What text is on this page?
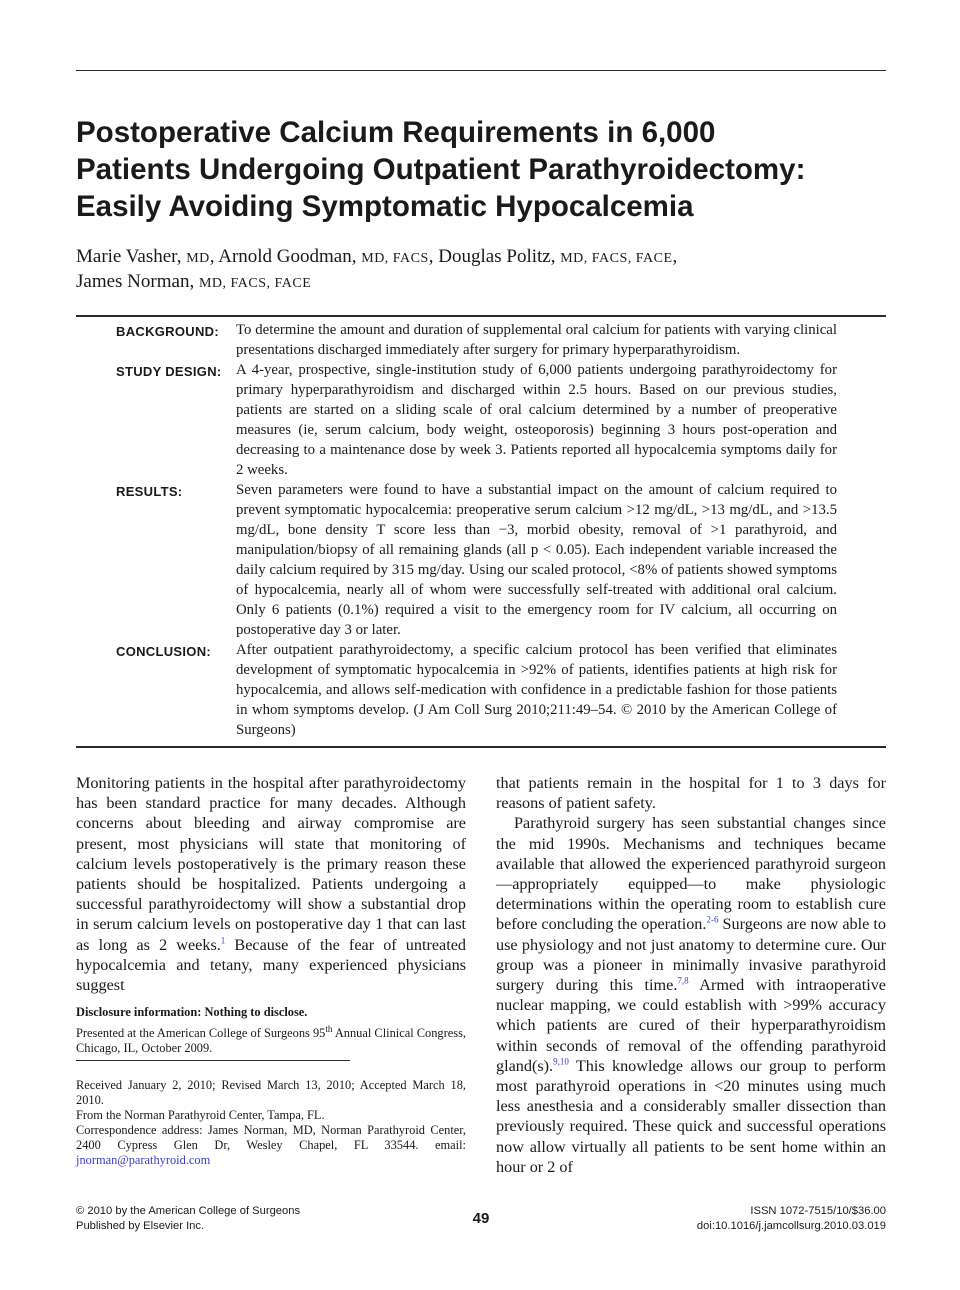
Postoperative Calcium Requirements in 6,000
Patients Undergoing Outpatient Parathyroidectomy:
Easily Avoiding Symptomatic Hypocalcemia
Marie Vasher, MD, Arnold Goodman, MD, FACS, Douglas Politz, MD, FACS, FACE,
James Norman, MD, FACS, FACE
BACKGROUND: To determine the amount and duration of supplemental oral calcium for patients with varying clinical presentations discharged immediately after surgery for primary hyperparathyroidism.
STUDY DESIGN: A 4-year, prospective, single-institution study of 6,000 patients undergoing parathyroidectomy for primary hyperparathyroidism and discharged within 2.5 hours. Based on our previous studies, patients are started on a sliding scale of oral calcium determined by a number of preoperative measures (ie, serum calcium, body weight, osteoporosis) beginning 3 hours post-operation and decreasing to a maintenance dose by week 3. Patients reported all hypocalcemia symptoms daily for 2 weeks.
RESULTS:	Seven parameters were found to have a substantial impact on the amount of calcium required to prevent symptomatic hypocalcemia: preoperative serum calcium >12 mg/dL, >13 mg/dL, and >13.5 mg/dL, bone density T score less than −3, morbid obesity, removal of >1 parathyroid, and manipulation/biopsy of all remaining glands (all p < 0.05). Each independent variable increased the daily calcium required by 315 mg/day. Using our scaled protocol, <8% of patients showed symptoms of hypocalcemia, nearly all of whom were successfully self-treated with additional oral calcium. Only 6 patients (0.1%) required a visit to the emergency room for IV calcium, all occurring on postoperative day 3 or later.
CONCLUSION: After outpatient parathyroidectomy, a specific calcium protocol has been verified that eliminates development of symptomatic hypocalcemia in >92% of patients, identifies patients at high risk for hypocalcemia, and allows self-medication with confidence in a predictable fashion for those patients in whom symptoms develop. (J Am Coll Surg 2010;211:49–54. © 2010 by the American College of Surgeons)

Monitoring patients in the hospital after parathyroidectomy has been standard practice for many decades. Although concerns about bleeding and airway compromise are present, most physicians will state that monitoring of calcium levels postoperatively is the primary reason these patients should be hospitalized. Patients undergoing a successful parathyroidectomy will show a substantial drop in serum calcium levels on postoperative day 1 that can last as long as 2 weeks.$^1$ Because of the fear of untreated hypocalcemia and tetany, many experienced physicians suggest

Disclosure information: Nothing to disclose.

Presented at the American College of Surgeons 95th Annual Clinical Congress, Chicago, IL, October 2009.

Received January 2, 2010; Revised March 13, 2010; Accepted March 18, 2010.

From the Norman Parathyroid Center, Tampa, FL.

Correspondence address: James Norman, MD, Norman Parathyroid Center, 2400 Cypress Glen Dr, Wesley Chapel, FL 33544. email: jnorman@parathyroid.com

that patients remain in the hospital for 1 to 3 days for reasons of patient safety.

Parathyroid surgery has seen substantial changes since the mid 1990s. Mechanisms and techniques became available that allowed the experienced parathyroid surgeon—appropriately equipped—to make physiologic determinations within the operating room to establish cure before concluding the operation.$^{2-6}$ Surgeons are now able to use physiology and not just anatomy to determine cure. Our group was a pioneer in minimally invasive parathyroid surgery during this time.$^{7,8}$ Armed with intraoperative nuclear mapping, we could establish with >99% accuracy which patients are cured of their hyperparathyroidism within seconds of removal of the offending parathyroid gland(s).$^{9,10}$ This knowledge allows our group to perform most parathyroid operations in <20 minutes using much less anesthesia and a considerably smaller dissection than previously required. These quick and successful operations now allow virtually all patients to be sent home within an hour or 2 of

© 2010 by the American College of Surgeons
Published by Elsevier Inc.	49	ISSN 1072-7515/10/$36.00
doi:10.1016/j.jamcollsurg.2010.03.019
